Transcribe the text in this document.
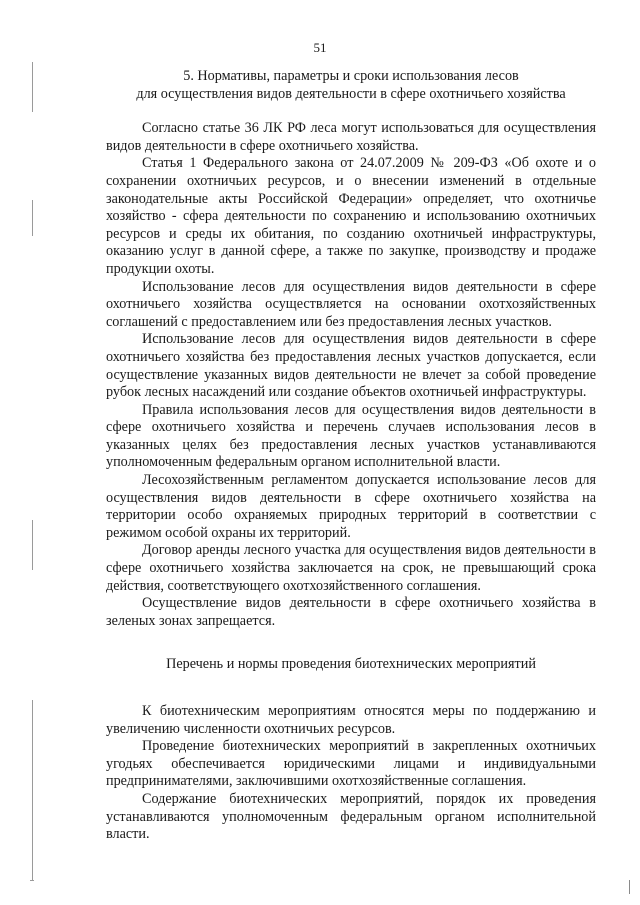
51
5. Нормативы, параметры и сроки использования лесов
для осуществления видов деятельности в сфере охотничьего хозяйства

Согласно статье 36 ЛК РФ леса могут использоваться для осуществления видов деятельности в сфере охотничьего хозяйства.

Статья 1 Федерального закона от 24.07.2009 № 209-ФЗ «Об охоте и о сохранении охотничьих ресурсов, и о внесении изменений в отдельные законодательные акты Российской Федерации» определяет, что охотничье хозяйство - сфера деятельности по сохранению и использованию охотничьих ресурсов и среды их обитания, по созданию охотничьей инфраструктуры, оказанию услуг в данной сфере, а также по закупке, производству и продаже продукции охоты.

Использование лесов для осуществления видов деятельности в сфере охотничьего хозяйства осуществляется на основании охотхозяйственных соглашений с предоставлением или без предоставления лесных участков.

Использование лесов для осуществления видов деятельности в сфере охотничьего хозяйства без предоставления лесных участков допускается, если осуществление указанных видов деятельности не влечет за собой проведение рубок лесных насаждений или создание объектов охотничьей инфраструктуры.

Правила использования лесов для осуществления видов деятельности в сфере охотничьего хозяйства и перечень случаев использования лесов в указанных целях без предоставления лесных участков устанавливаются уполномоченным федеральным органом исполнительной власти.

Лесохозяйственным регламентом допускается использование лесов для осуществления видов деятельности в сфере охотничьего хозяйства на территории особо охраняемых природных территорий в соответствии с режимом особой охраны их территорий.

Договор аренды лесного участка для осуществления видов деятельности в сфере охотничьего хозяйства заключается на срок, не превышающий срока действия, соответствующего охотхозяйственного соглашения.

Осуществление видов деятельности в сфере охотничьего хозяйства в зеленых зонах запрещается.

Перечень и нормы проведения биотехнических мероприятий

К биотехническим мероприятиям относятся меры по поддержанию и увеличению численности охотничьих ресурсов.

Проведение биотехнических мероприятий в закрепленных охотничьих угодьях обеспечивается юридическими лицами и индивидуальными предпринимателями, заключившими охотхозяйственные соглашения.

Содержание биотехнических мероприятий, порядок их проведения устанавливаются уполномоченным федеральным органом исполнительной власти.
